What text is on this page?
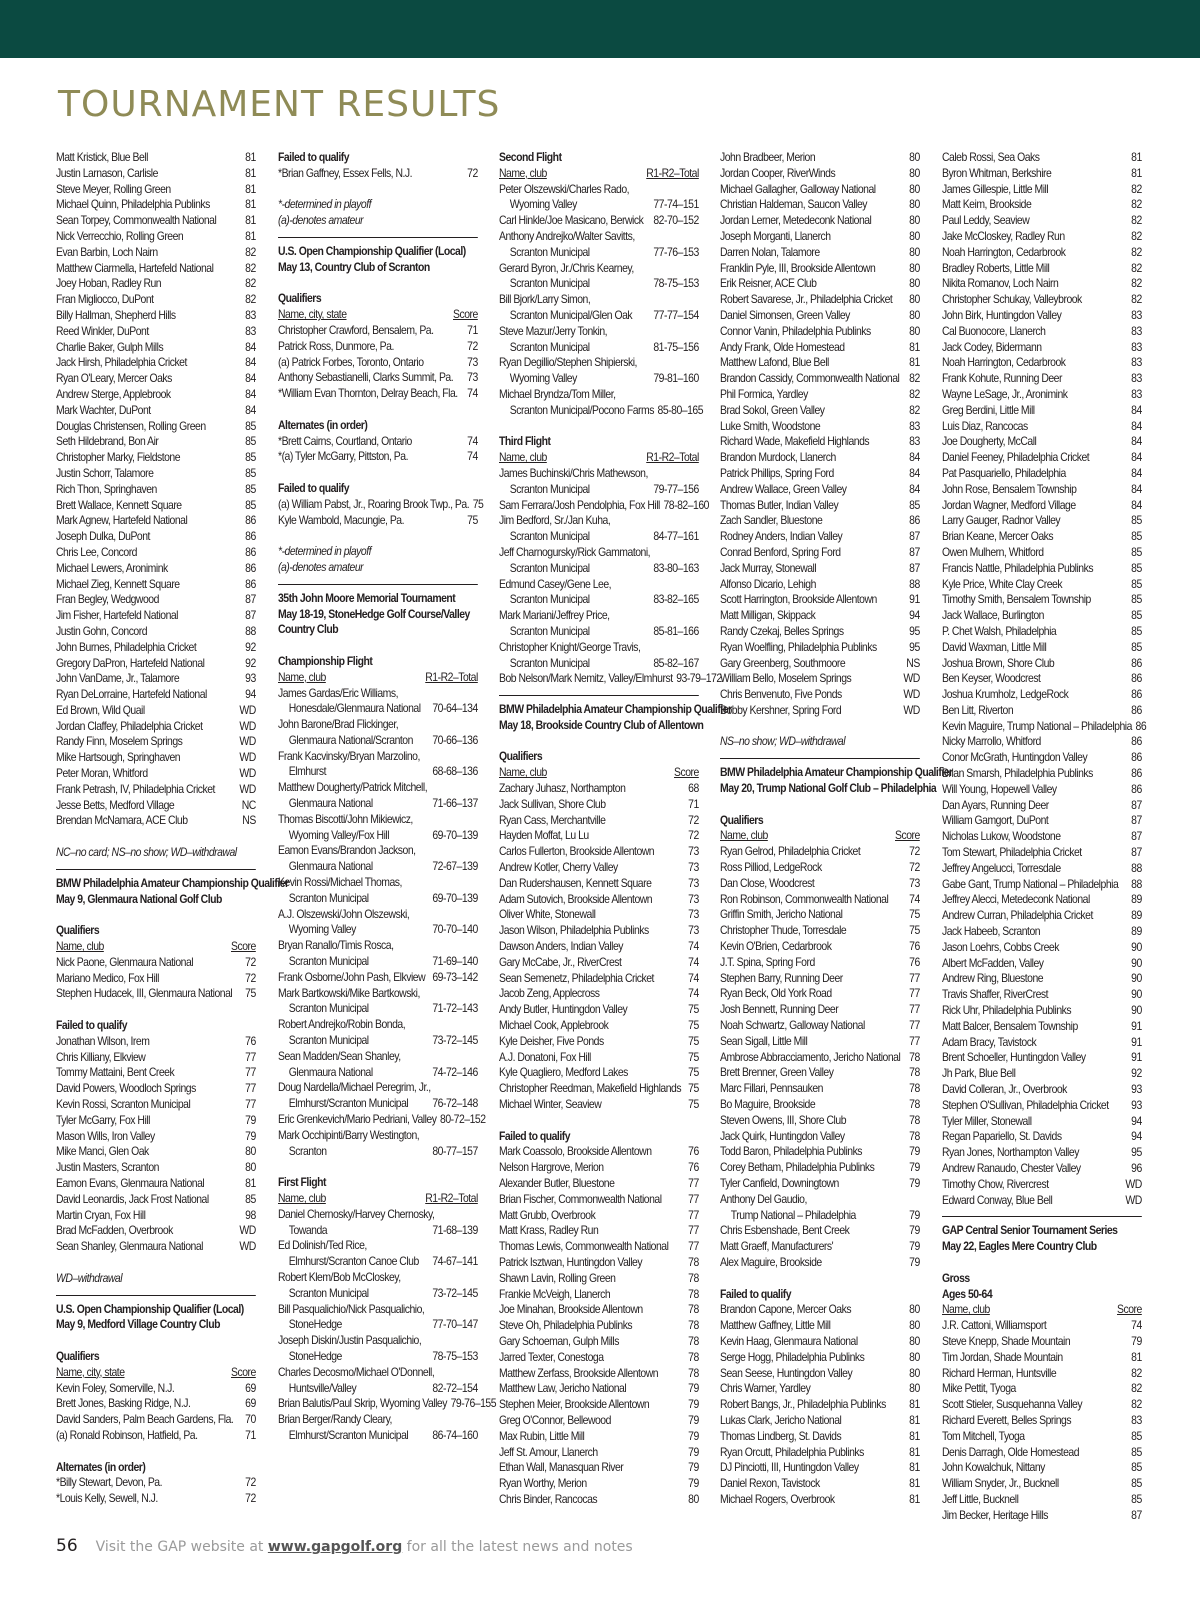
TOURNAMENT RESULTS
Matt Kristick, Blue Bell	81
Justin Larnason, Carlisle	81
Steve Meyer, Rolling Green	81
Michael Quinn, Philadelphia Publinks	81
Sean Torpey, Commonwealth National	81
Nick Verrecchio, Rolling Green	81
Evan Barbin, Loch Nairn	82
Matthew Ciarmella, Hartefeld National	82
Joey Hoban, Radley Run	82
Fran Migliocco, DuPont	82
Billy Hallman, Shepherd Hills	83
Reed Winkler, DuPont	83
Charlie Baker, Gulph Mills	84
Jack Hirsh, Philadelphia Cricket	84
Ryan O'Leary, Mercer Oaks	84
Andrew Sterge, Applebrook	84
Mark Wachter, DuPont	84
Douglas Christensen, Rolling Green	85
Seth Hildebrand, Bon Air	85
Christopher Marky, Fieldstone	85
Justin Schorr, Talamore	85
Rich Thon, Springhaven	85
Brett Wallace, Kennett Square	85
Mark Agnew, Hartefeld National	86
Joseph Dulka, DuPont	86
Chris Lee, Concord	86
Michael Lewers, Aronimink	86
Michael Zieg, Kennett Square	86
Fran Begley, Wedgwood	87
Jim Fisher, Hartefeld National	87
Justin Gohn, Concord	88
John Burnes, Philadelphia Cricket	92
Gregory DaPron, Hartefeld National	92
John VanDame, Jr., Talamore	93
Ryan DeLorraine, Hartefeld National	94
Ed Brown, Wild Quail	WD
Jordan Claffey, Philadelphia Cricket	WD
Randy Finn, Moselem Springs	WD
Mike Hartsough, Springhaven	WD
Peter Moran, Whitford	WD
Frank Petrash, IV, Philadelphia Cricket	WD
Jesse Betts, Medford Village	NC
Brendan McNamara, ACE Club	NS
NC–no card; NS–no show; WD–withdrawal
BMW Philadelphia Amateur Championship Qualifier
May 9, Glenmaura National Golf Club
Qualifiers
Name, club	Score
Nick Paone, Glenmaura National	72
Mariano Medico, Fox Hill	72
Stephen Hudacek, III, Glenmaura National	75
Failed to qualify
Jonathan Wilson, Irem	76
Chris Killiany, Elkview	77
Tommy Mattaini, Bent Creek	77
David Powers, Woodloch Springs	77
Kevin Rossi, Scranton Municipal	77
Tyler McGarry, Fox Hill	79
Mason Wills, Iron Valley	79
Mike Manci, Glen Oak	80
Justin Masters, Scranton	80
Eamon Evans, Glenmaura National	81
David Leonardis, Jack Frost National	85
Martin Cryan, Fox Hill	98
Brad McFadden, Overbrook	WD
Sean Shanley, Glenmaura National	WD
WD–withdrawal
U.S. Open Championship Qualifier (Local)
May 9, Medford Village Country Club
Qualifiers
Name, city, state	Score
Kevin Foley, Somerville, N.J.	69
Brett Jones, Basking Ridge, N.J.	69
David Sanders, Palm Beach Gardens, Fla.	70
(a) Ronald Robinson, Hatfield, Pa.	71
Alternates (in order)
*Billy Stewart, Devon, Pa.	72
*Louis Kelly, Sewell, N.J.	72
Failed to qualify
*Brian Gaffney, Essex Fells, N.J.	72
*-determined in playoff
(a)-denotes amateur
U.S. Open Championship Qualifier (Local)
May 13, Country Club of Scranton
Qualifiers
Name, city, state	Score
Christopher Crawford, Bensalem, Pa.	71
Patrick Ross, Dunmore, Pa.	72
(a) Patrick Forbes, Toronto, Ontario	73
Anthony Sebastianelli, Clarks Summit, Pa.	73
*William Evan Thornton, Delray Beach, Fla. 74
Alternates (in order)
*Brett Cairns, Courtland, Ontario	74
*(a) Tyler McGarry, Pittston, Pa.	74
Failed to qualify
(a) William Pabst, Jr., Roaring Brook Twp., Pa. 75
Kyle Wambold, Macungie, Pa.	75
*-determined in playoff
(a)-denotes amateur
35th John Moore Memorial Tournament
May 18-19, StoneHedge Golf Course/Valley
Country Club
Championship Flight
Name, club	R1-R2–Total
James Gardas/Eric Williams,
Honesdale/Glenmaura National	70-64–134
John Barone/Brad Flickinger,
Glenmaura National/Scranton	70-66–136
Frank Kacvinsky/Bryan Marzolino,
Elmhurst	68-68–136
Matthew Dougherty/Patrick Mitchell,
Glenmaura National	71-66–137
Thomas Biscotti/John Mikiewicz,
Wyoming Valley/Fox Hill	69-70–139
Eamon Evans/Brandon Jackson,
Glenmaura National	72-67–139
Kevin Rossi/Michael Thomas,
Scranton Municipal	69-70–139
A.J. Olszewski/John Olszewski,
Wyoming Valley	70-70–140
Bryan Ranallo/Timis Rosca,
Scranton Municipal	71-69–140
Frank Osborne/John Pash, Elkview 69-73–142
Mark Bartkowski/Mike Bartkowski,
Scranton Municipal	71-72–143
Robert Andrejko/Robin Bonda,
Scranton Municipal	73-72–145
Sean Madden/Sean Shanley,
Glenmaura National	74-72–146
Doug Nardella/Michael Peregrim, Jr.,
Elmhurst/Scranton Municipal	76-72–148
Eric Grenkevich/Mario Pedriani, Valley 80-72–152
Mark Occhipinti/Barry Westington,
Scranton	80-77–157
First Flight
Name, club	R1-R2–Total
Daniel Chernosky/Harvey Chernosky,
Towanda	71-68–139
Ed Dolinish/Ted Rice,
Elmhurst/Scranton Canoe Club	74-67–141
Robert Klem/Bob McCloskey,
Scranton Municipal	73-72–145
Bill Pasqualichio/Nick Pasqualichio,
StoneHedge	77-70–147
Joseph Diskin/Justin Pasqualichio,
StoneHedge	78-75–153
Charles Decosmo/Michael O'Donnell,
Huntsville/Valley	82-72–154
Brian Balutis/Paul Skrip, Wyoming Valley 79-76–155
Brian Berger/Randy Cleary,
Elmhurst/Scranton Municipal	86-74–160
Second Flight
Name, club	R1-R2–Total
Peter Olszewski/Charles Rado,
Wyoming Valley	77-74–151
Carl Hinkle/Joe Masicano, Berwick 82-70–152
Anthony Andrejko/Walter Savitts,
Scranton Municipal	77-76–153
Gerard Byron, Jr./Chris Kearney,
Scranton Municipal	78-75–153
Bill Bjork/Larry Simon,
Scranton Municipal/Glen Oak	77-77–154
Steve Mazur/Jerry Tonkin,
Scranton Municipal	81-75–156
Ryan Degillio/Stephen Shipierski,
Wyoming Valley	79-81–160
Michael Bryndza/Tom Miller,
Scranton Municipal/Pocono Farms 85-80–165
Third Flight
Name, club	R1-R2–Total
James Buchinski/Chris Mathewson,
Scranton Municipal	79-77–156
Sam Ferrara/Josh Pendolphia, Fox Hill 78-82–160
Jim Bedford, Sr./Jan Kuha,
Scranton Municipal	84-77–161
Jeff Charnogursky/Rick Gammatoni,
Scranton Municipal	83-80–163
Edmund Casey/Gene Lee,
Scranton Municipal	83-82–165
Mark Mariani/Jeffrey Price,
Scranton Municipal	85-81–166
Christopher Knight/George Travis,
Scranton Municipal	85-82–167
Bob Nelson/Mark Nemitz, Valley/Elmhurst 93-79–172
BMW Philadelphia Amateur Championship Qualifier
May 18, Brookside Country Club of Allentown
Qualifiers
Name, club	Score
Zachary Juhasz, Northampton	68
Jack Sullivan, Shore Club	71
Ryan Cass, Merchantville	72
Hayden Moffat, Lu Lu	72
Carlos Fullerton, Brookside Allentown	73
Andrew Kotler, Cherry Valley	73
Dan Rudershausen, Kennett Square	73
Adam Sutovich, Brookside Allentown	73
Oliver White, Stonewall	73
Jason Wilson, Philadelphia Publinks	73
Dawson Anders, Indian Valley	74
Gary McCabe, Jr., RiverCrest	74
Sean Semenetz, Philadelphia Cricket	74
Jacob Zeng, Applecross	74
Andy Butler, Huntingdon Valley	75
Michael Cook, Applebrook	75
Kyle Deisher, Five Ponds	75
A.J. Donatoni, Fox Hill	75
Kyle Quagliero, Medford Lakes	75
Christopher Reedman, Makefield Highlands 75
Michael Winter, Seaview	75
Failed to qualify
Mark Coassolo, Brookside Allentown	76
Nelson Hargrove, Merion	76
Alexander Butler, Bluestone	77
Brian Fischer, Commonwealth National	77
Matt Grubb, Overbrook	77
Matt Krass, Radley Run	77
Thomas Lewis, Commonwealth National	77
Patrick Isztwan, Huntingdon Valley	78
Shawn Lavin, Rolling Green	78
Frankie McVeigh, Llanerch	78
Joe Minahan, Brookside Allentown	78
Steve Oh, Philadelphia Publinks	78
Gary Schoeman, Gulph Mills	78
Jarred Texter, Conestoga	78
Matthew Zerfass, Brookside Allentown	78
Matthew Law, Jericho National	79
Stephen Meier, Brookside Allentown	79
Greg O'Connor, Bellewood	79
Max Rubin, Little Mill	79
Jeff St. Amour, Llanerch	79
Ethan Wall, Manasquan River	79
Ryan Worthy, Merion	79
Chris Binder, Rancocas	80
John Bradbeer, Merion	80
Jordan Cooper, RiverWinds	80
Michael Gallagher, Galloway National	80
Christian Haldeman, Saucon Valley	80
Jordan Lerner, Metedeconk National	80
Joseph Morganti, Llanerch	80
Darren Nolan, Talamore	80
Franklin Pyle, III, Brookside Allentown	80
Erik Reisner, ACE Club	80
Robert Savarese, Jr., Philadelphia Cricket	80
Daniel Simonsen, Green Valley	80
Connor Vanin, Philadelphia Publinks	80
Andy Frank, Olde Homestead	81
Matthew Lafond, Blue Bell	81
Brandon Cassidy, Commonwealth National 82
Phil Formica, Yardley	82
Brad Sokol, Green Valley	82
Luke Smith, Woodstone	83
Richard Wade, Makefield Highlands	83
Brandon Murdock, Llanerch	84
Patrick Phillips, Spring Ford	84
Andrew Wallace, Green Valley	84
Thomas Butler, Indian Valley	85
Zach Sandler, Bluestone	86
Rodney Anders, Indian Valley	87
Conrad Benford, Spring Ford	87
Jack Murray, Stonewall	87
Alfonso Dicario, Lehigh	88
Scott Harrington, Brookside Allentown	91
Matt Milligan, Skippack	94
Randy Czekaj, Belles Springs	95
Ryan Woelfling, Philadelphia Publinks	95
Gary Greenberg, Southmoore	NS
William Bello, Moselem Springs	WD
Chris Benvenuto, Five Ponds	WD
Bobby Kershner, Spring Ford	WD
NS–no show; WD–withdrawal
BMW Philadelphia Amateur Championship Qualifier
May 20, Trump National Golf Club – Philadelphia
Qualifiers
Name, club	Score
Ryan Gelrod, Philadelphia Cricket	72
Ross Pilliod, LedgeRock	72
Dan Close, Woodcrest	73
Ron Robinson, Commonwealth National	74
Griffin Smith, Jericho National	75
Christopher Thude, Torresdale	75
Kevin O'Brien, Cedarbrook	76
J.T. Spina, Spring Ford	76
Stephen Barry, Running Deer	77
Ryan Beck, Old York Road	77
Josh Bennett, Running Deer	77
Noah Schwartz, Galloway National	77
Sean Sigall, Little Mill	77
Ambrose Abbracciamento, Jericho National 78
Brett Brenner, Green Valley	78
Marc Fillari, Pennsauken	78
Bo Maguire, Brookside	78
Steven Owens, III, Shore Club	78
Jack Quirk, Huntingdon Valley	78
Todd Baron, Philadelphia Publinks	79
Corey Betham, Philadelphia Publinks	79
Tyler Canfield, Downingtown	79
Anthony Del Gaudio,
Trump National – Philadelphia	79
Chris Esbenshade, Bent Creek	79
Matt Graeff, Manufacturers'	79
Alex Maguire, Brookside	79
Failed to qualify
Brandon Capone, Mercer Oaks	80
Matthew Gaffney, Little Mill	80
Kevin Haag, Glenmaura National	80
Serge Hogg, Philadelphia Publinks	80
Sean Seese, Huntingdon Valley	80
Chris Warner, Yardley	80
Robert Bangs, Jr., Philadelphia Publinks	81
Lukas Clark, Jericho National	81
Thomas Lindberg, St. Davids	81
Ryan Orcutt, Philadelphia Publinks	81
DJ Pinciotti, III, Huntingdon Valley	81
Daniel Rexon, Tavistock	81
Michael Rogers, Overbrook	81
Caleb Rossi, Sea Oaks	81
Byron Whitman, Berkshire	81
James Gillespie, Little Mill	82
Matt Keim, Brookside	82
Paul Leddy, Seaview	82
Jake McCloskey, Radley Run	82
Noah Harrington, Cedarbrook	82
Bradley Roberts, Little Mill	82
Nikita Romanov, Loch Nairn	82
Christopher Schukay, Valleybrook	82
John Birk, Huntingdon Valley	83
Cal Buonocore, Llanerch	83
Jack Codey, Bidermann	83
Noah Harrington, Cedarbrook	83
Frank Kohute, Running Deer	83
Wayne LeSage, Jr., Aronimink	83
Greg Berdini, Little Mill	84
Luis Diaz, Rancocas	84
Joe Dougherty, McCall	84
Daniel Feeney, Philadelphia Cricket	84
Pat Pasquariello, Philadelphia	84
John Rose, Bensalem Township	84
Jordan Wagner, Medford Village	84
Larry Gauger, Radnor Valley	85
Brian Keane, Mercer Oaks	85
Owen Mulhern, Whitford	85
Francis Nattle, Philadelphia Publinks	85
Kyle Price, White Clay Creek	85
Timothy Smith, Bensalem Township	85
Jack Wallace, Burlington	85
P. Chet Walsh, Philadelphia	85
David Waxman, Little Mill	85
Joshua Brown, Shore Club	86
Ben Keyser, Woodcrest	86
Joshua Krumholz, LedgeRock	86
Ben Litt, Riverton	86
Kevin Maguire, Trump National – Philadelphia 86
Nicky Marrollo, Whitford	86
Conor McGrath, Huntingdon Valley	86
Brian Smarsh, Philadelphia Publinks	86
Will Young, Hopewell Valley	86
Dan Ayars, Running Deer	87
William Gamgort, DuPont	87
Nicholas Lukow, Woodstone	87
Tom Stewart, Philadelphia Cricket	87
Jeffrey Angelucci, Torresdale	88
Gabe Gant, Trump National – Philadelphia	88
Jeffrey Alecci, Metedeconk National	89
Andrew Curran, Philadelphia Cricket	89
Jack Habeeb, Scranton	89
Jason Loehrs, Cobbs Creek	90
Albert McFadden, Valley	90
Andrew Ring, Bluestone	90
Travis Shaffer, RiverCrest	90
Rick Uhr, Philadelphia Publinks	90
Matt Balcer, Bensalem Township	91
Adam Bracy, Tavistock	91
Brent Schoeller, Huntingdon Valley	91
Jh Park, Blue Bell	92
David Colleran, Jr., Overbrook	93
Stephen O'Sullivan, Philadelphia Cricket	93
Tyler Miller, Stonewall	94
Regan Papariello, St. Davids	94
Ryan Jones, Northampton Valley	95
Andrew Ranaudo, Chester Valley	96
Timothy Chow, Rivercrest	WD
Edward Conway, Blue Bell	WD
GAP Central Senior Tournament Series
May 22, Eagles Mere Country Club
Gross
Ages 50-64
Name, club	Score
J.R. Cattoni, Williamsport	74
Steve Knepp, Shade Mountain	79
Tim Jordan, Shade Mountain	81
Richard Herman, Huntsville	82
Mike Pettit, Tyoga	82
Scott Stieler, Susquehanna Valley	82
Richard Everett, Belles Springs	83
Tom Mitchell, Tyoga	85
Denis Darragh, Olde Homestead	85
John Kowalchuk, Nittany	85
William Snyder, Jr., Bucknell	85
Jeff Little, Bucknell	85
Jim Becker, Heritage Hills	87
56 Visit the GAP website at www.gapgolf.org for all the latest news and notes
